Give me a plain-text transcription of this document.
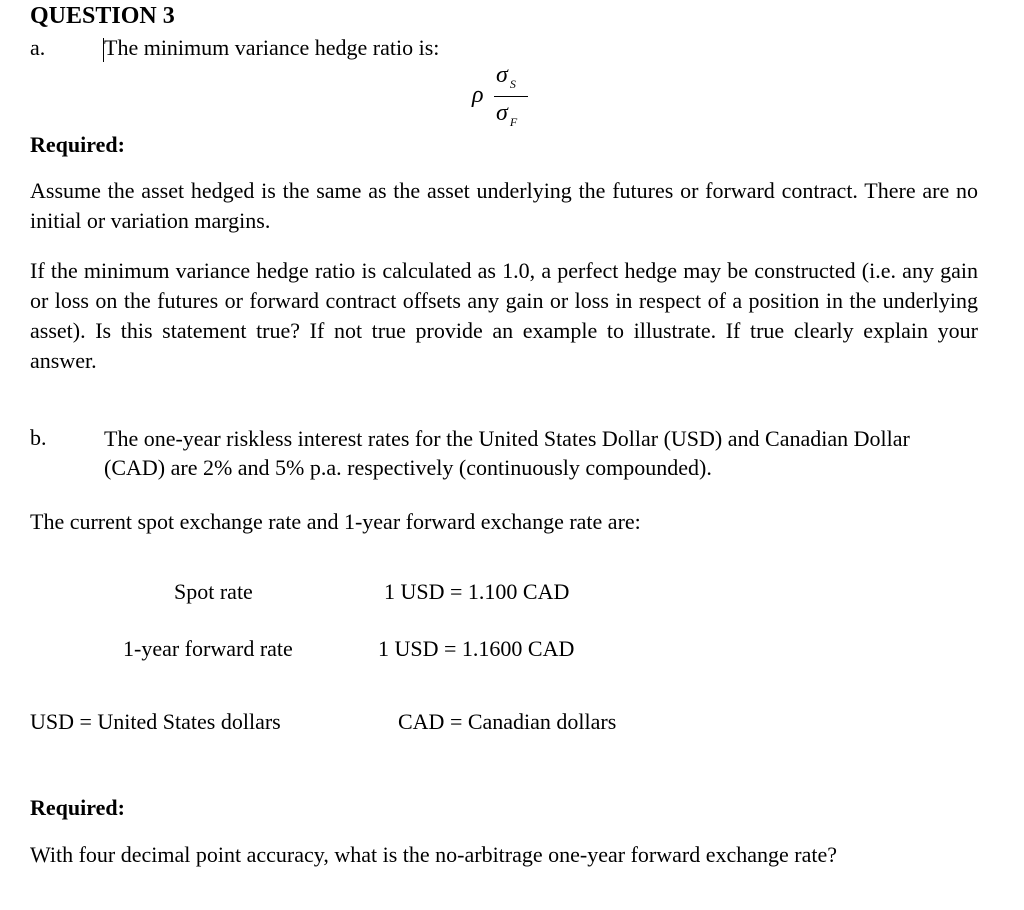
QUESTION 3
a.	The minimum variance hedge ratio is:
ρ
σ $_S$
σ $_F$
Required:
Assume the asset hedged is the same as the asset underlying the futures or forward contract. There are no initial or variation margins.
If the minimum variance hedge ratio is calculated as 1.0, a perfect hedge may be constructed (i.e. any gain or loss on the futures or forward contract offsets any gain or loss in respect of a position in the underlying asset). Is this statement true? If not true provide an example to illustrate. If true clearly explain your answer.
b.	The one-year riskless interest rates for the United States Dollar (USD) and Canadian Dollar (CAD) are 2% and 5% p.a. respectively (continuously compounded).
The current spot exchange rate and 1-year forward exchange rate are:
Spot rate	1 USD = 1.100 CAD
1-year forward rate	1 USD = 1.1600 CAD
USD = United States dollars	CAD = Canadian dollars
Required:
With four decimal point accuracy, what is the no-arbitrage one-year forward exchange rate?
